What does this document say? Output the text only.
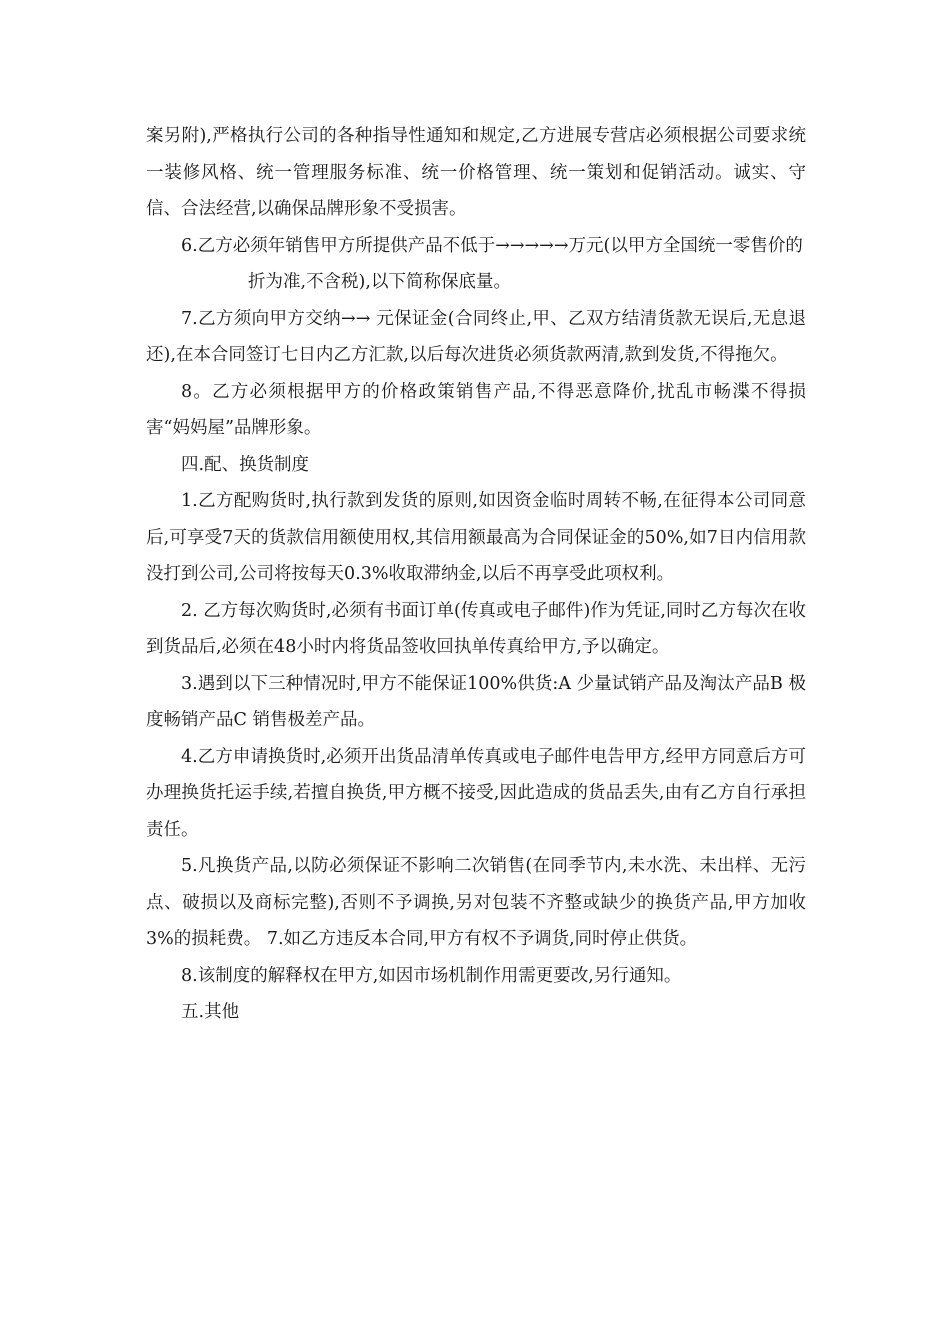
案另附),严格执行公司的各种指导性通知和规定,乙方进展专营店必须根据公司要求统一装修风格、统一管理服务标准、统一价格管理、统一策划和促销活动。诚实、守信、合法经营,以确保品牌形象不受损害。

6.乙方必须年销售甲方所提供产品不低于→→→→→万元(以甲方全国统一零售价的

折为准,不含税),以下简称保底量。

7.乙方须向甲方交纳→→ 元保证金(合同终止,甲、乙双方结清货款无误后,无息退还),在本合同签订七日内乙方汇款,以后每次进货必须货款两清,款到发货,不得拖欠。

8。乙方必须根据甲方的价格政策销售产品,不得恶意降价,扰乱市畅​渫不得损害“妈妈屋”品牌形象。

四.配、换货制度

1.乙方配购货时,执行款到发货的原则,如因资金临时周转不畅,在征得本公司同意后,可享受7天的货款信用额使用权,其信用额最高为合同保证金的50%,如7日内信用款没打到公司,公司将按每天0.3%收取滞纳金,以后不再享受此项权利。

2. 乙方每次购货时,必须有书面订单(传真或电子邮件)作为凭证,同时乙方每次在收到货品后,必须在48小时内将货品签收回执单传真给甲方,予以确定。

3.遇到以下三种情况时,甲方不能保证100%供货:A 少量试销产品及淘汰产品B 极度畅销产品C 销售极差产品。

4.乙方申请换货时,必须开出货品清单传真或电子邮件电告甲方,经甲方同意后方可办理换货托运手续,若擅自换货,甲方概不接受,因此造成的货品丢失,由有乙方自行承担责任。

5.凡换货产品,以防必须保证不影响二次销售(在同季节内,未水洗、未出样、无污点、破损以及商标完整),否则不予调换,另对包装不齐整或缺少的换货产品,甲方加收3%的损耗费。 7.如乙方违反本合同,甲方有权不予调货,同时停止供货。

8.该制度的解释权在甲方,如因市场机制作用需更要改,另行通知。

五.其他
